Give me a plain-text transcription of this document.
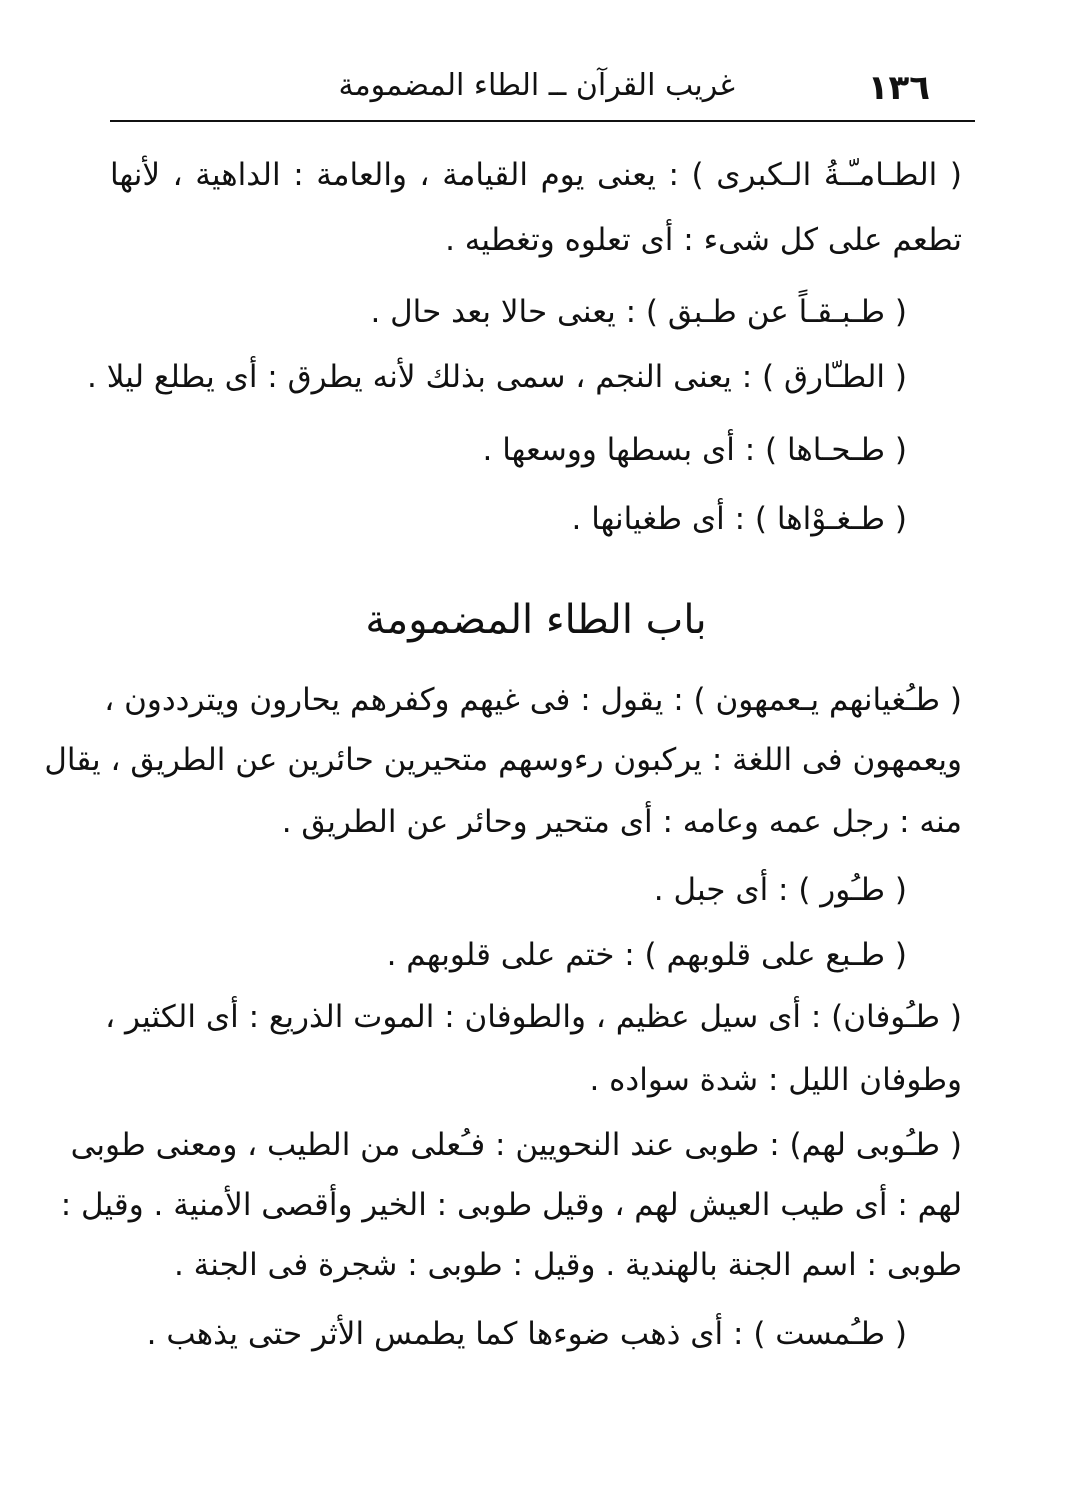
١٣٦
غريب القرآن ــ الطاء المضمومة
( الطـامـّـةُ الـكبرى ) : يعنى يوم القيامة ، والعامة : الداهية ، لأنها
تطعم على كل شىء : أى تعلوه وتغطيه .
( طـبـقـاً عن طـبق ) : يعنى حالا بعد حال .
( الطـّارق ) : يعنى النجم ، سمى بذلك لأنه يطرق : أى يطلع ليلا .
( طـحـاها ) : أى بسطها ووسعها .
( طـغـوْاها ) : أى طغيانها .
باب الطاء المضمومة
( طـُغيانهم يـعمهون ) : يقول : فى غيهم وكفرهم يحارون ويترددون ،
ويعمهون فى اللغة : يركبون رءوسهم متحيرين حائرين عن الطريق ، يقال
منه : رجل عمه وعامه : أى متحير وحائر عن الطريق .
( طـُور ) : أى جبل .
( طـبع على قلوبهم ) : ختم على قلوبهم .
( طـُوفان) : أى سيل عظيم ، والطوفان : الموت الذريع : أى الكثير ،
وطوفان الليل : شدة سواده .
( طـُوبى لهم) : طوبى عند النحويين : فـُعلى من الطيب ، ومعنى طوبى
لهم : أى طيب العيش لهم ، وقيل طوبى : الخير وأقصى الأمنية . وقيل :
طوبى : اسم الجنة بالهندية . وقيل : طوبى : شجرة فى الجنة .
( طـُمست ) : أى ذهب ضوءها كما يطمس الأثر حتى يذهب .
